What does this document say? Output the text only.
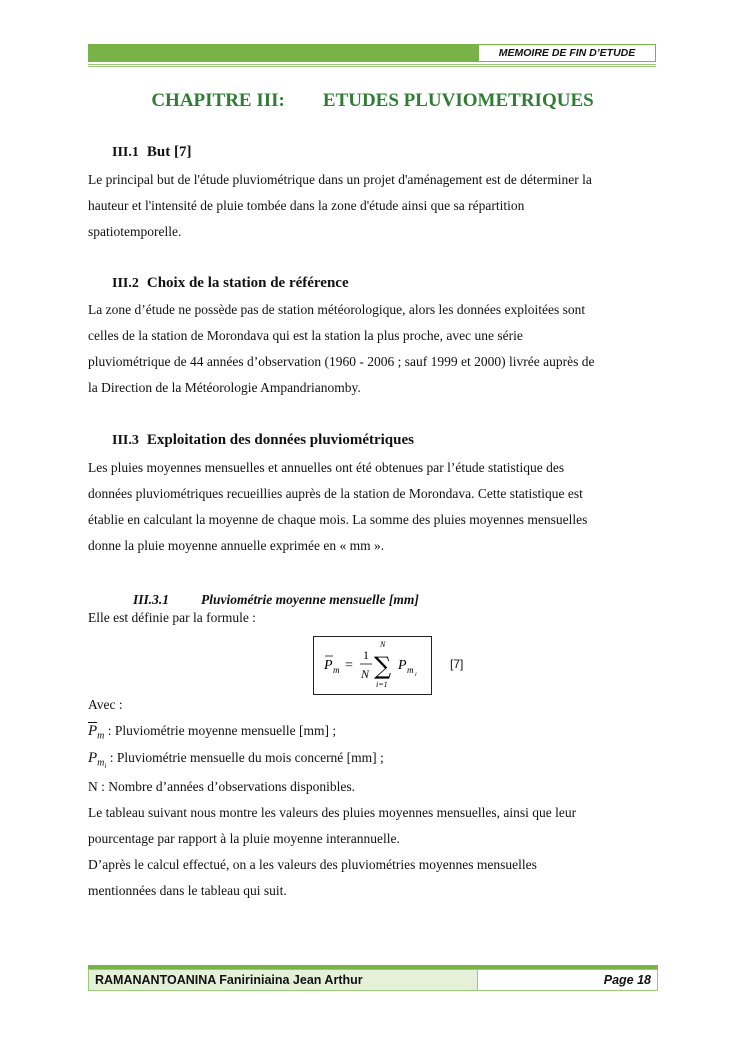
MEMOIRE DE FIN D’ETUDE
CHAPITRE III: ETUDES PLUVIOMETRIQUES
III.1 But [7]
Le principal but de l'étude pluviométrique dans un projet d'aménagement est de déterminer la
hauteur et l'intensité de pluie tombée dans la zone d'étude ainsi que sa répartition
spatiotemporelle.
III.2 Choix de la station de référence
La zone d’étude ne possède pas de station météorologique, alors les données exploitées sont
celles de la station de Morondava qui est la station la plus proche, avec une série
pluviométrique de 44 années d’observation (1960 - 2006 ; sauf 1999 et 2000) livrée auprès de
la Direction de la Météorologie Ampandrianomby.
III.3 Exploitation des données pluviométriques
Les pluies moyennes mensuelles et annuelles ont été obtenues par l’étude statistique des
données pluviométriques recueillies auprès de la station de Morondava. Cette statistique est
établie en calculant la moyenne de chaque mois. La somme des pluies moyennes mensuelles
donne la pluie moyenne annuelle exprimée en « mm ».
III.3.1 Pluviométrie moyenne mensuelle [mm]
Elle est définie par la formule :
P m =
1
N
N
∑
i=1
P m i
[7]
Avec :
$\overline{P}_m$ : Pluviométrie moyenne mensuelle [mm] ;
$P_{mi}$ : Pluviométrie mensuelle du mois concerné [mm] ;
N : Nombre d’années d’observations disponibles.
Le tableau suivant nous montre les valeurs des pluies moyennes mensuelles, ainsi que leur
pourcentage par rapport à la pluie moyenne interannuelle.
D’après le calcul effectué, on a les valeurs des pluviométries moyennes mensuelles
mentionnées dans le tableau qui suit.
RAMANANTOANINA Faniriniaina Jean Arthur	Page 18
